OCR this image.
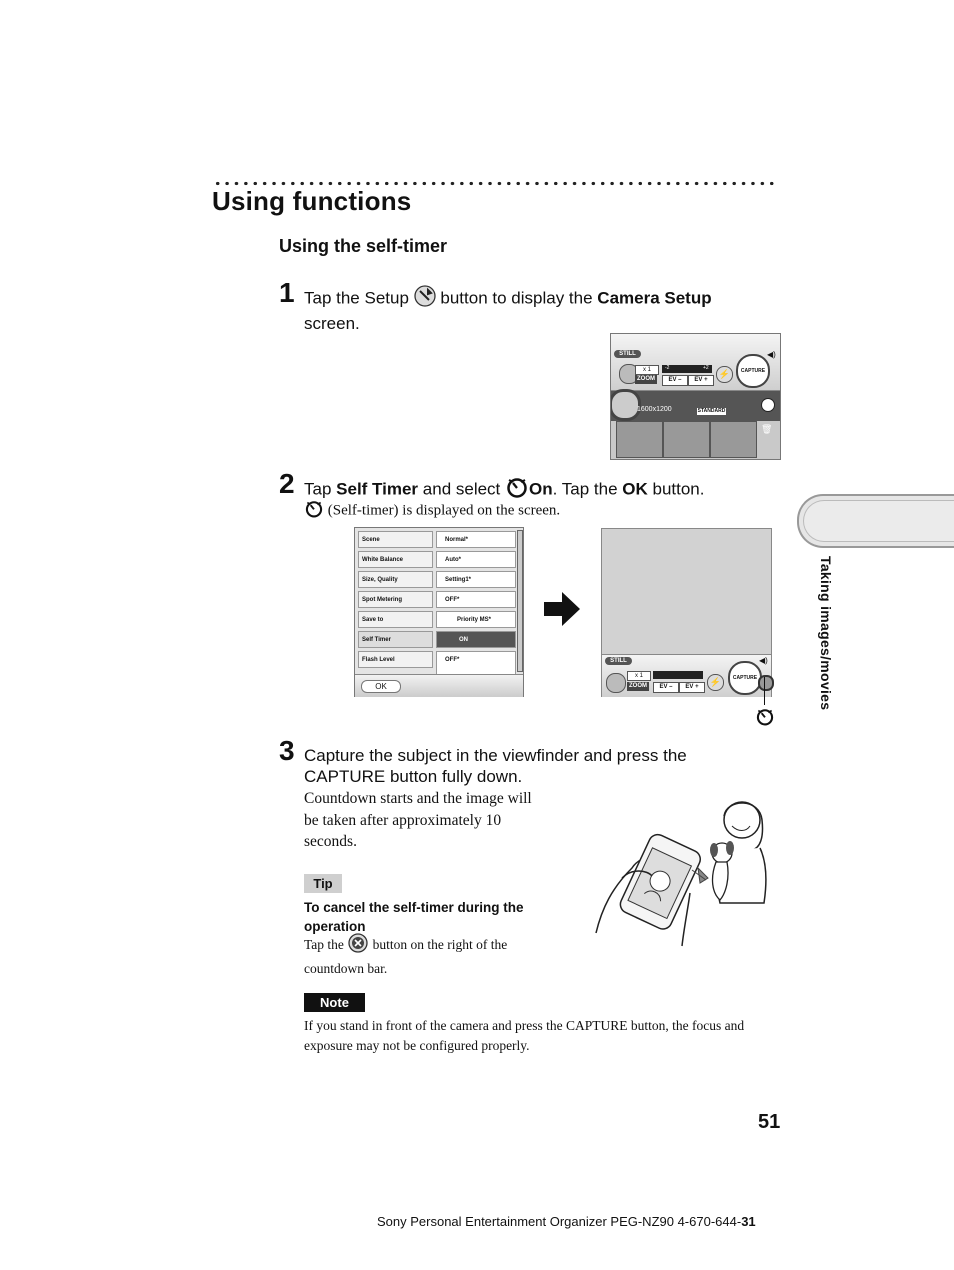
Using functions
Using the self-timer
1 Tap the Setup button to display the Camera Setup
screen.
STILL
x 1	-2	+2
ZOOM	EV –	EV +
⚡	CAPTURE
◀)
1600x1200	STANDARD
🗑
2 Tap Self Timer and select On. Tap the OK button.
(Self-timer) is displayed on the screen.
Scene	Normal*
White Balance	Auto*
Size, Quality	Setting1*
Spot Metering	OFF*
Save to	Priority MS*
Self Timer	ON
Flash Level	OFF*
OK
STILL
x 1
ZOOM	EV –	EV +	⚡	CAPTURE
◀)	Taking images/movies
3 Capture the subject in the viewfinder and press the
CAPTURE button fully down.
Countdown starts and the image will
be taken after approximately 10
seconds.
Tip
To cancel the self-timer during the
operation
Tap the button on the right of the
countdown bar.
Note
If you stand in front of the camera and press the CAPTURE button, the focus and
exposure may not be configured properly.
51
Sony Personal Entertainment Organizer PEG-NZ90 4-670-644-31
